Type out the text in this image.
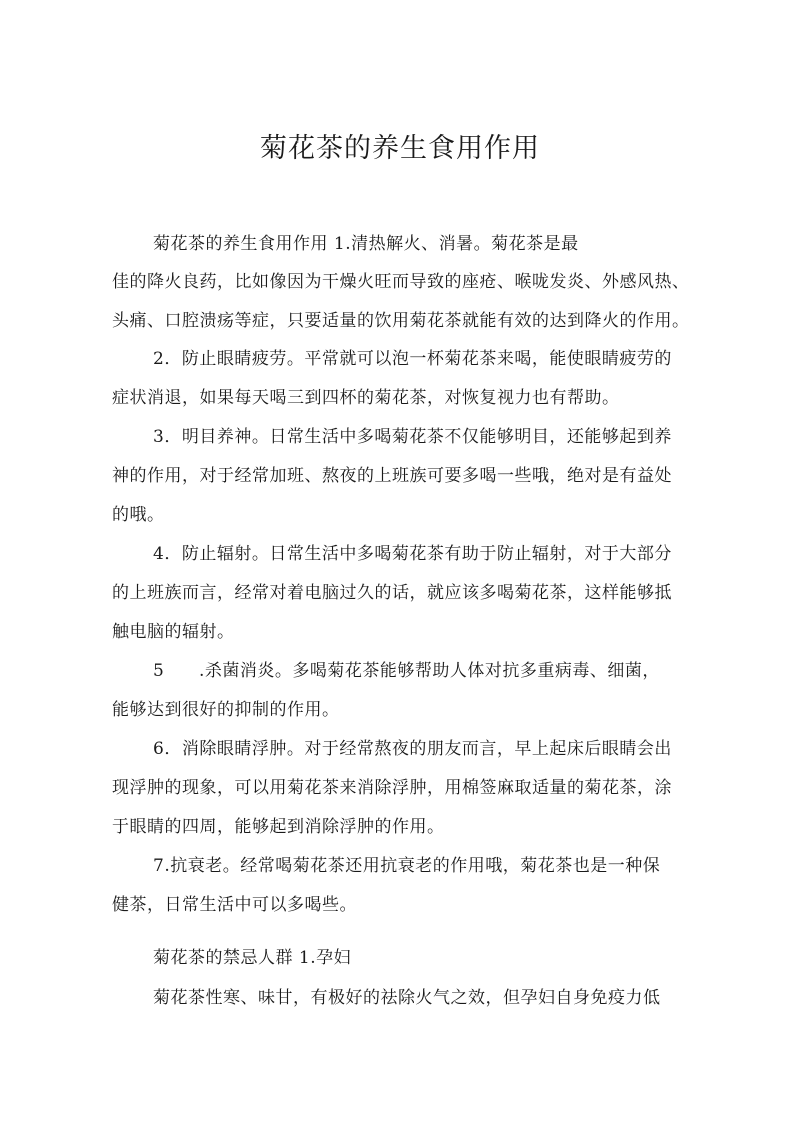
菊花茶的养生食用作用

菊花茶的养生食用作用 1.清热解火、消暑。菊花茶是最

佳的降火良药，比如像因为干燥火旺而导致的座疮、喉咙发炎、外感风热、

头痛、口腔溃疡等症，只要适量的饮用菊花茶就能有效的达到降火的作用。

2．防止眼睛疲劳。平常就可以泡一杯菊花茶来喝，能使眼睛疲劳的

症状消退，如果每天喝三到四杯的菊花茶，对恢复视力也有帮助。

3．明目养神。日常生活中多喝菊花茶不仅能够明目，还能够起到养

神的作用，对于经常加班、熬夜的上班族可要多喝一些哦，绝对是有益处

的哦。

4．防止辐射。日常生活中多喝菊花茶有助于防止辐射，对于大部分

的上班族而言，经常对着电脑过久的话，就应该多喝菊花茶，这样能够抵

触电脑的辐射。

5 .杀菌消炎。多喝菊花茶能够帮助人体对抗多重病毒、细菌，

能够达到很好的抑制的作用。

6．消除眼睛浮肿。对于经常熬夜的朋友而言，早上起床后眼睛会出

现浮肿的现象，可以用菊花茶来消除浮肿，用棉签麻取适量的菊花茶，涂

于眼睛的四周，能够起到消除浮肿的作用。

7.抗衰老。经常喝菊花茶还用抗衰老的作用哦，菊花茶也是一种保

健茶，日常生活中可以多喝些。

菊花茶的禁忌人群 1.孕妇

菊花茶性寒、味甘，有极好的祛除火气之效，但孕妇自身免疫力低
